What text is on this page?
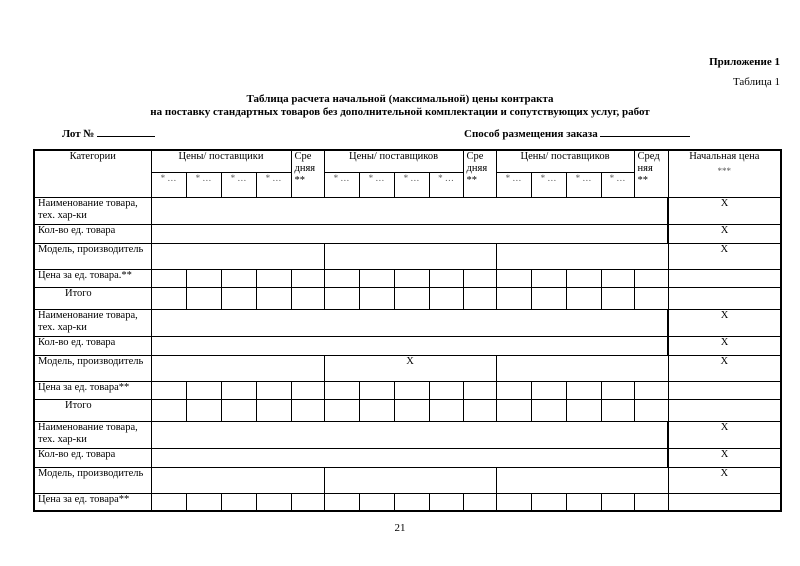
Приложение 1
Таблица 1
Таблица расчета начальной (максимальной) цены контракта
на поставку стандартных товаров без дополнительной комплектации и сопутствующих услуг, работ
Лот №	Способ размещения заказа
Категории	Цены/ поставщики				Сре дняя **	Цены/ поставщиков				Сре дняя **	Цены/ поставщиков				Сред няя **	Начальная цена
***

	* …	* …	* …	* …		* …	* …	* …	* …		* …	* …	* …	* …		
Наименование товара, тех. хар-ки																X
Кол-во ед. товара																X
Модель, производитель																X
Цена за ед. товара.**																
Итого																
Наименование товара, тех. хар-ки																X
Кол-во ед. товара																X
Модель, производитель						X										X
Цена за ед. товара**																
Итого																
Наименование товара, тех. хар-ки																X
Кол-во ед. товара																X
Модель, производитель																X
Цена за ед. товара**																
21
